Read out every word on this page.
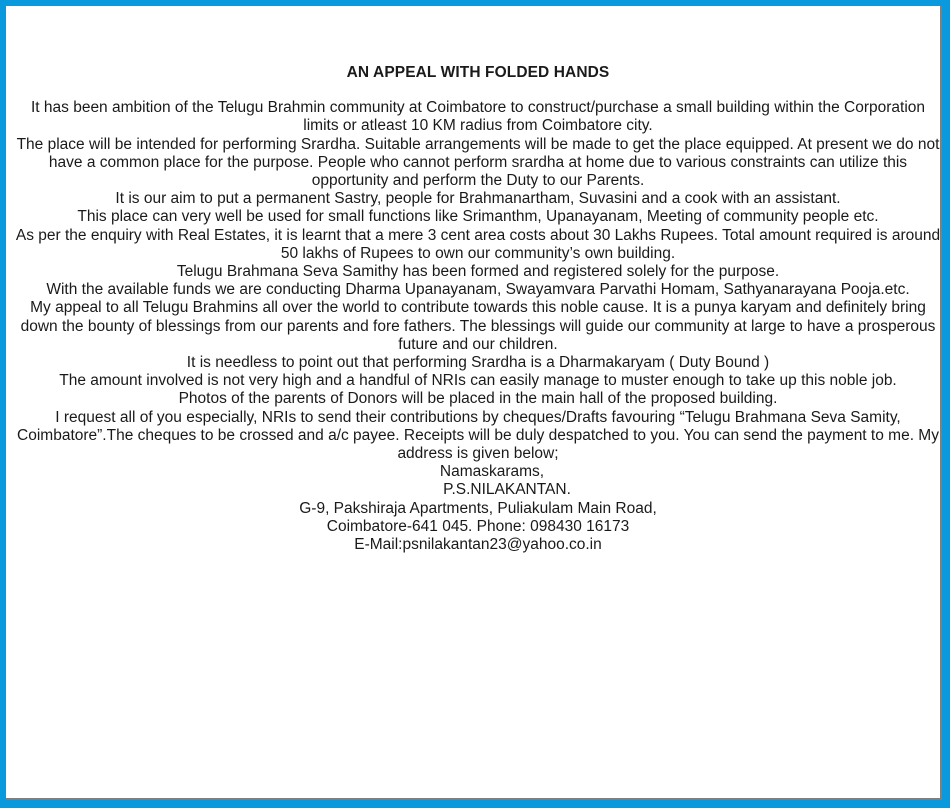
AN APPEAL WITH FOLDED HANDS

It has been ambition of the Telugu Brahmin community at Coimbatore to construct/purchase a small building within the Corporation limits or atleast 10 KM radius from Coimbatore city.

The place will be intended for performing Srardha. Suitable arrangements will be made to get the place equipped. At present we do not have a common place for the purpose. People who cannot perform srardha at home due to various constraints can utilize this opportunity and perform the Duty to our Parents.

It is our aim to put a permanent Sastry, people for Brahmanartham, Suvasini and a cook with an assistant.

This place can very well be used for small functions like Srimanthm, Upanayanam, Meeting of community people etc.

As per the enquiry with Real Estates, it is learnt that a mere 3 cent area costs about 30 Lakhs Rupees. Total amount required is around 50 lakhs of Rupees to own our community’s own building.

Telugu Brahmana Seva Samithy has been formed and registered solely for the purpose.

With the available funds we are conducting Dharma Upanayanam, Swayamvara Parvathi Homam, Sathyanarayana Pooja.etc.

My appeal to all Telugu Brahmins all over the world to contribute towards this noble cause. It is a punya karyam and definitely bring down the bounty of blessings from our parents and fore fathers. The blessings will guide our community at large to have a prosperous future and our children.

It is needless to point out that performing Srardha is a Dharmakaryam ( Duty Bound )

The amount involved is not very high and a handful of NRIs can easily manage to muster enough to take up this noble job.

Photos of the parents of Donors will be placed in the main hall of the proposed building.

I request all of you especially, NRIs to send their contributions by cheques/Drafts favouring “Telugu Brahmana Seva Samity, Coimbatore”.The cheques to be crossed and a/c payee. Receipts will be duly despatched to you. You can send the payment to me. My address is given below;

Namaskarams,
P.S.NILAKANTAN.
G-9, Pakshiraja Apartments, Puliakulam Main Road,
Coimbatore-641 045. Phone: 098430 16173
E-Mail:psnilakantan23@yahoo.co.in
